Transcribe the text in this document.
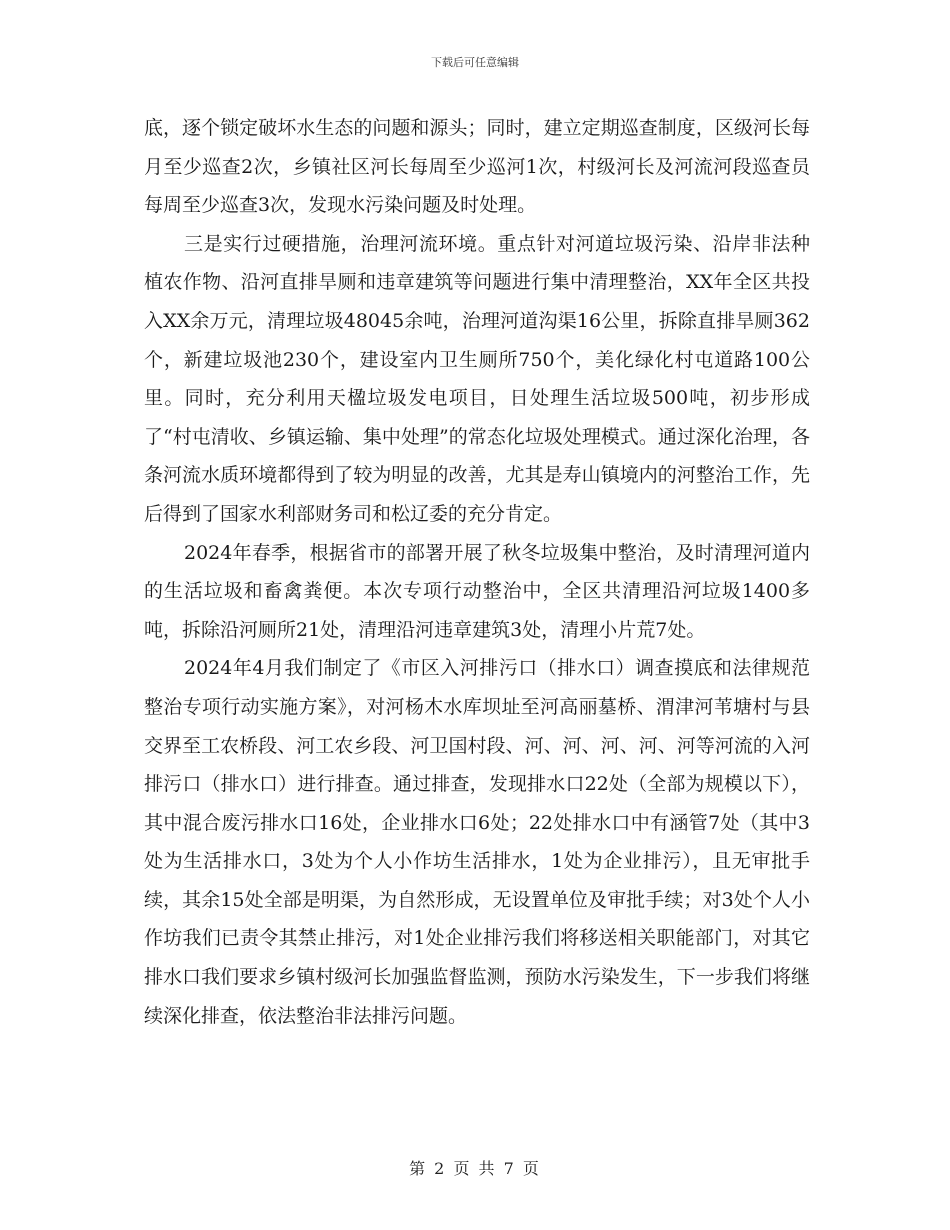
下载后可任意编辑

底，逐个锁定破坏水生态的问题和源头；同时，建立定期巡查制度，区级河长每月至少巡查2次，乡镇社区河长每周至少巡河1次，村级河长及河流河段巡查员每周至少巡查3次，发现水污染问题及时处理。

三是实行过硬措施，治理河流环境。重点针对河道垃圾污染、沿岸非法种植农作物、沿河直排旱厕和违章建筑等问题进行集中清理整治，XX年全区共投入XX余万元，清理垃圾48045余吨，治理河道沟渠16公里，拆除直排旱厕362个，新建垃圾池230个，建设室内卫生厕所750个，美化绿化村屯道路100公里。同时，充分利用天楹垃圾发电项目，日处理生活垃圾500吨，初步形成了“村屯清收、乡镇运输、集中处理”的常态化垃圾处理模式。通过深化治理，各条河流水质环境都得到了较为明显的改善，尤其是寿山镇境内的河整治工作，先后得到了国家水利部财务司和松辽委的充分肯定。

2024年春季，根据省市的部署开展了秋冬垃圾集中整治，及时清理河道内的生活垃圾和畜禽粪便。本次专项行动整治中，全区共清理沿河垃圾1400多吨，拆除沿河厕所21处，清理沿河违章建筑3处，清理小片荒7处。

2024年4月我们制定了《市区入河排污口（排水口）调查摸底和法律规范整治专项行动实施方案》，对河杨木水库坝址至河高丽墓桥、渭津河苇塘村与县交界至工农桥段、河工农乡段、河卫国村段、河、河、河、河、河等河流的入河排污口（排水口）进行排查。通过排查，发现排水口22处（全部为规模以下），其中混合废污排水口16处，企业排水口6处；22处排水口中有涵管7处（其中3处为生活排水口，3处为个人小作坊生活排水，1处为企业排污），且无审批手续，其余15处全部是明渠，为自然形成，无设置单位及审批手续；对3处个人小作坊我们已责令其禁止排污，对1处企业排污我们将移送相关职能部门，对其它排水口我们要求乡镇村级河长加强监督监测，预防水污染发生，下一步我们将继续深化排查，依法整治非法排污问题。

第 2 页 共 7 页
